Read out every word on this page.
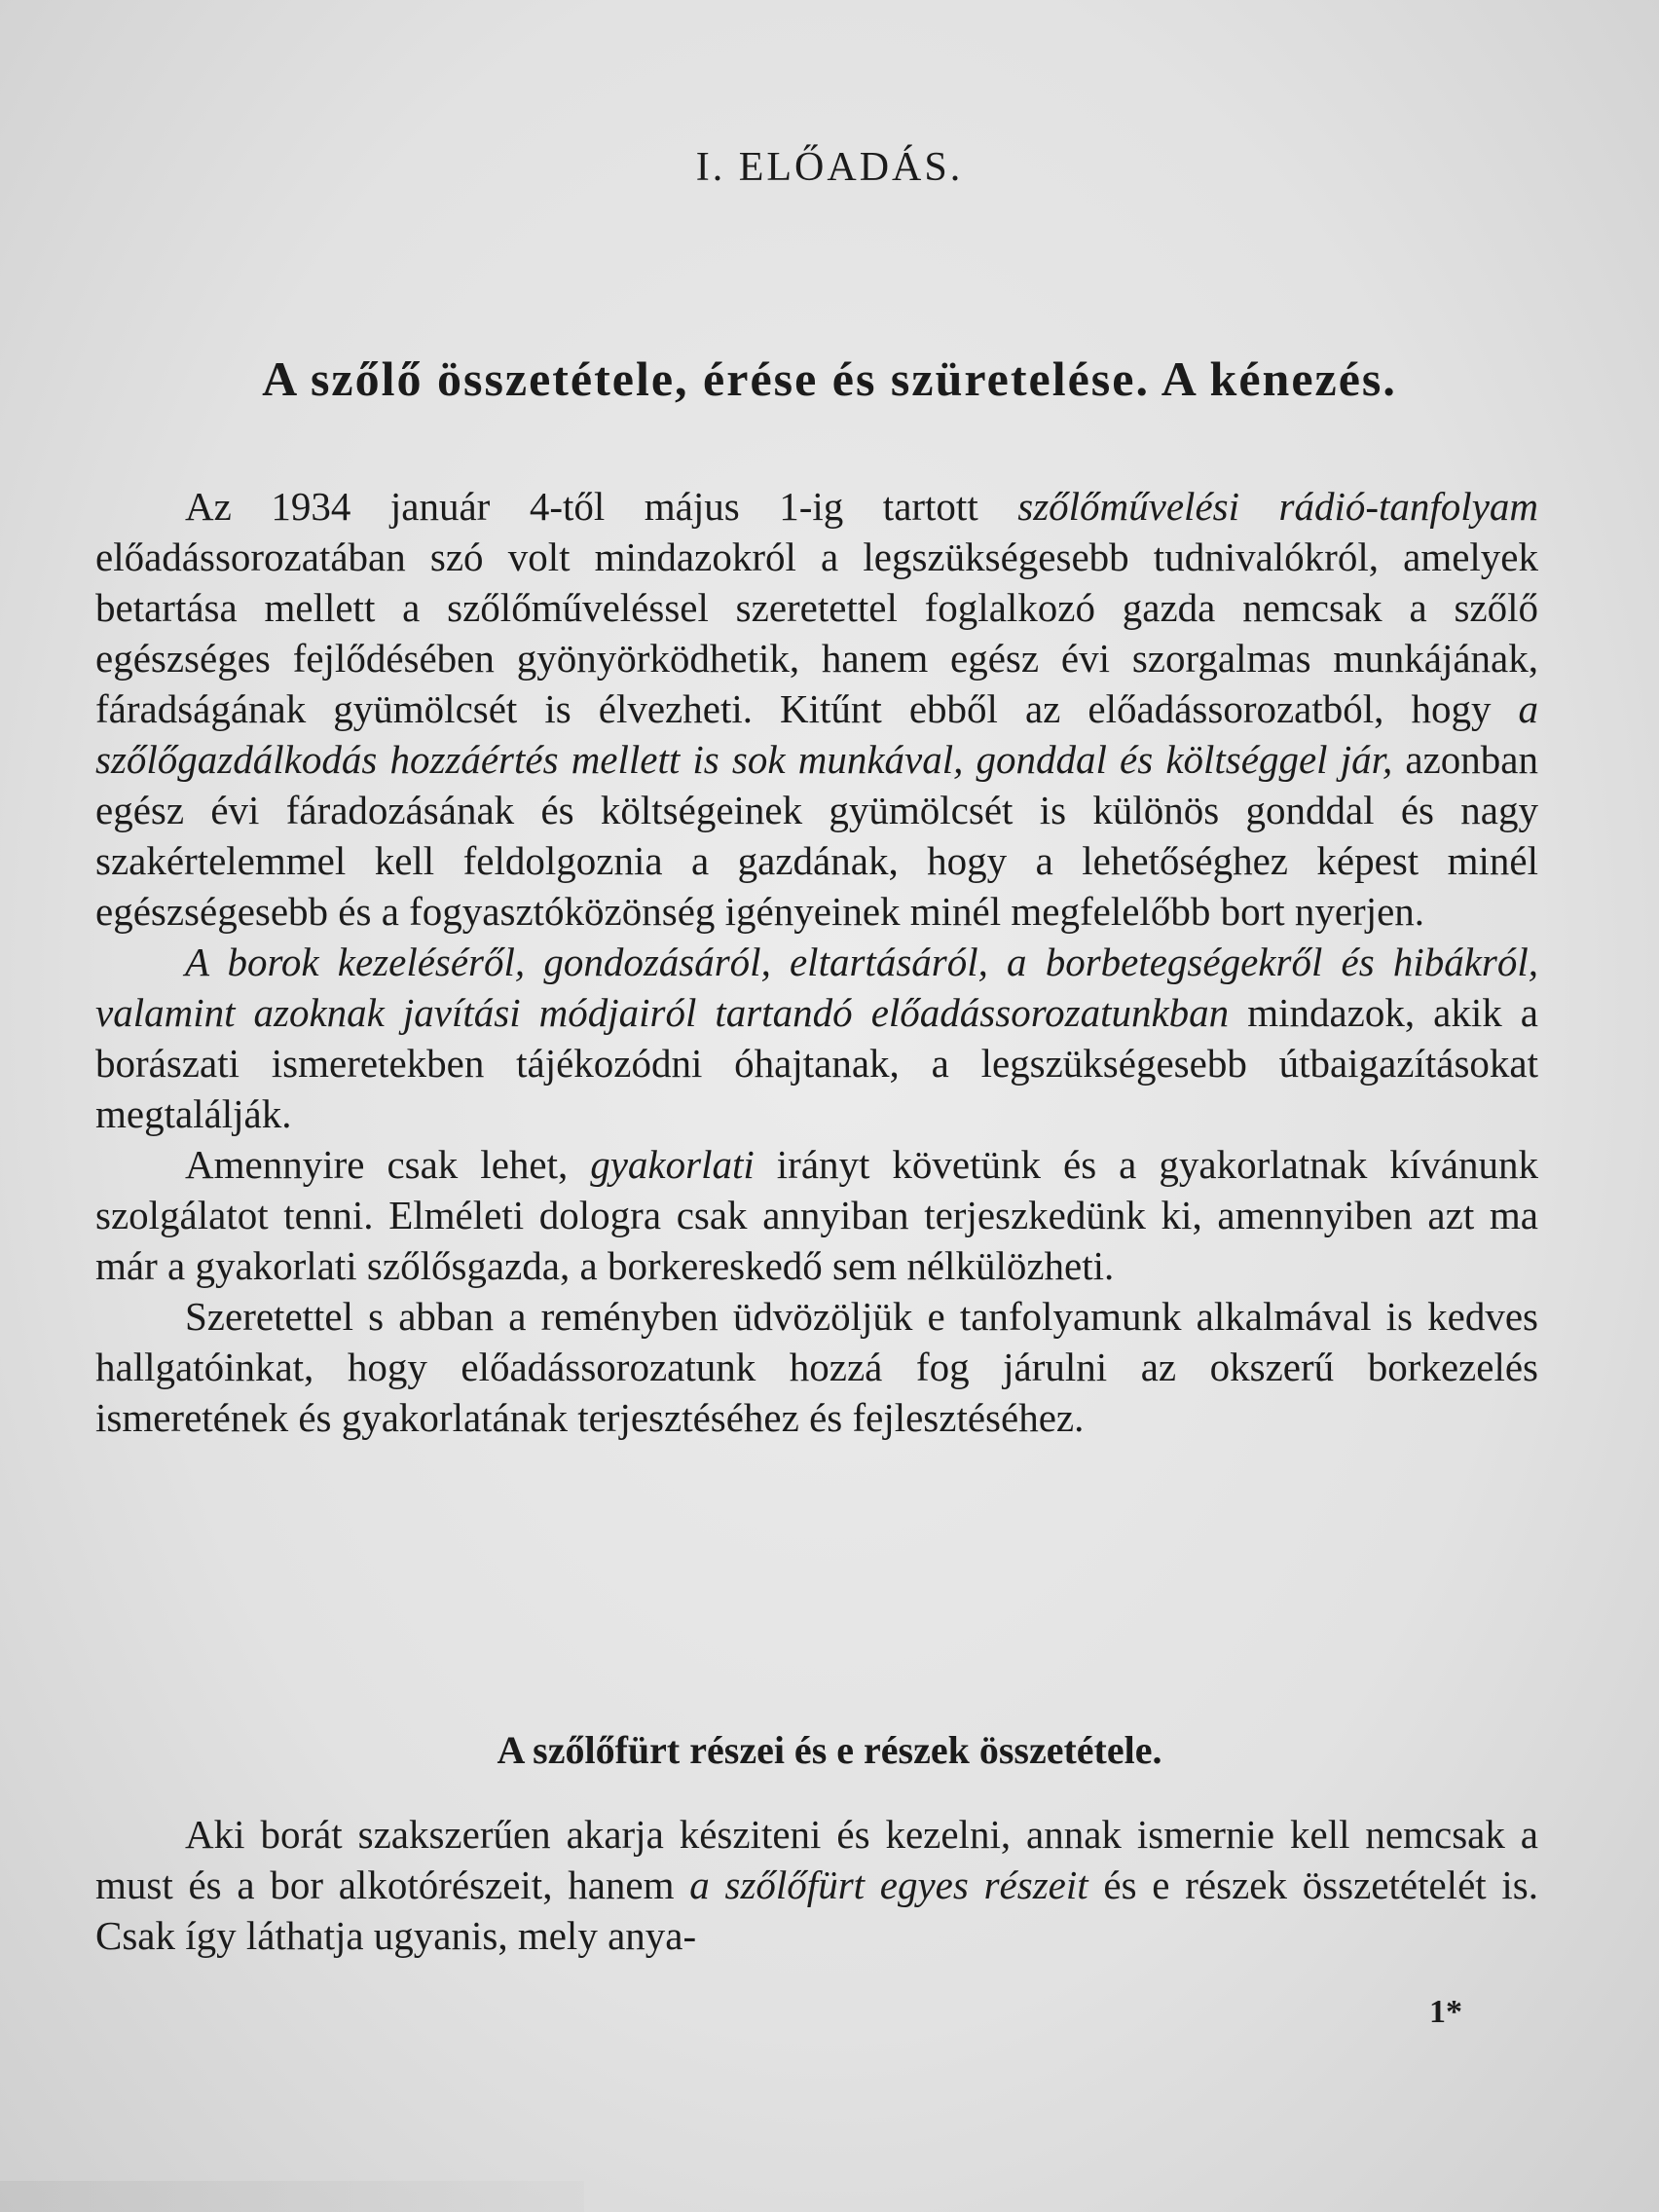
I. ELŐADÁS.
A szőlő összetétele, érése és szüretelése. A kénezés.

Az 1934 január 4-től május 1-ig tartott szőlőművelési rádió-tanfolyam előadássorozatában szó volt mindazokról a legszükségesebb tudnivalókról, amelyek betartása mellett a szőlőműveléssel szeretettel foglalkozó gazda nemcsak a szőlő egészséges fejlődésében gyönyörködhetik, hanem egész évi szorgalmas munkájának, fáradságának gyümölcsét is élvezheti. Kitűnt ebből az előadássorozatból, hogy a szőlőgazdálkodás hozzáértés mellett is sok munkával, gonddal és költséggel jár, azonban egész évi fáradozásának és költségeinek gyümölcsét is különös gonddal és nagy szakértelemmel kell feldolgoznia a gazdának, hogy a lehetőséghez képest minél egészségesebb és a fogyasztóközönség igényeinek minél megfelelőbb bort nyerjen.

A borok kezeléséről, gondozásáról, eltartásáról, a borbetegségekről és hibákról, valamint azoknak javítási módjairól tartandó előadássorozatunkban mindazok, akik a borászati ismeretekben tájékozódni óhajtanak, a legszükségesebb útbaigazításokat megtalálják.

Amennyire csak lehet, gyakorlati irányt követünk és a gyakorlatnak kívánunk szolgálatot tenni. Elméleti dologra csak annyiban terjeszkedünk ki, amennyiben azt ma már a gyakorlati szőlősgazda, a borkereskedő sem nélkülözheti.

Szeretettel s abban a reményben üdvözöljük e tanfolyamunk alkalmával is kedves hallgatóinkat, hogy előadássorozatunk hozzá fog járulni az okszerű borkezelés ismeretének és gyakorlatának terjesztéséhez és fejlesztéséhez.

A szőlőfürt részei és e részek összetétele.

Aki borát szakszerűen akarja késziteni és kezelni, annak ismernie kell nemcsak a must és a bor alkotórészeit, hanem a szőlőfürt egyes részeit és e részek összetételét is. Csak így láthatja ugyanis, mely anya-

1*
